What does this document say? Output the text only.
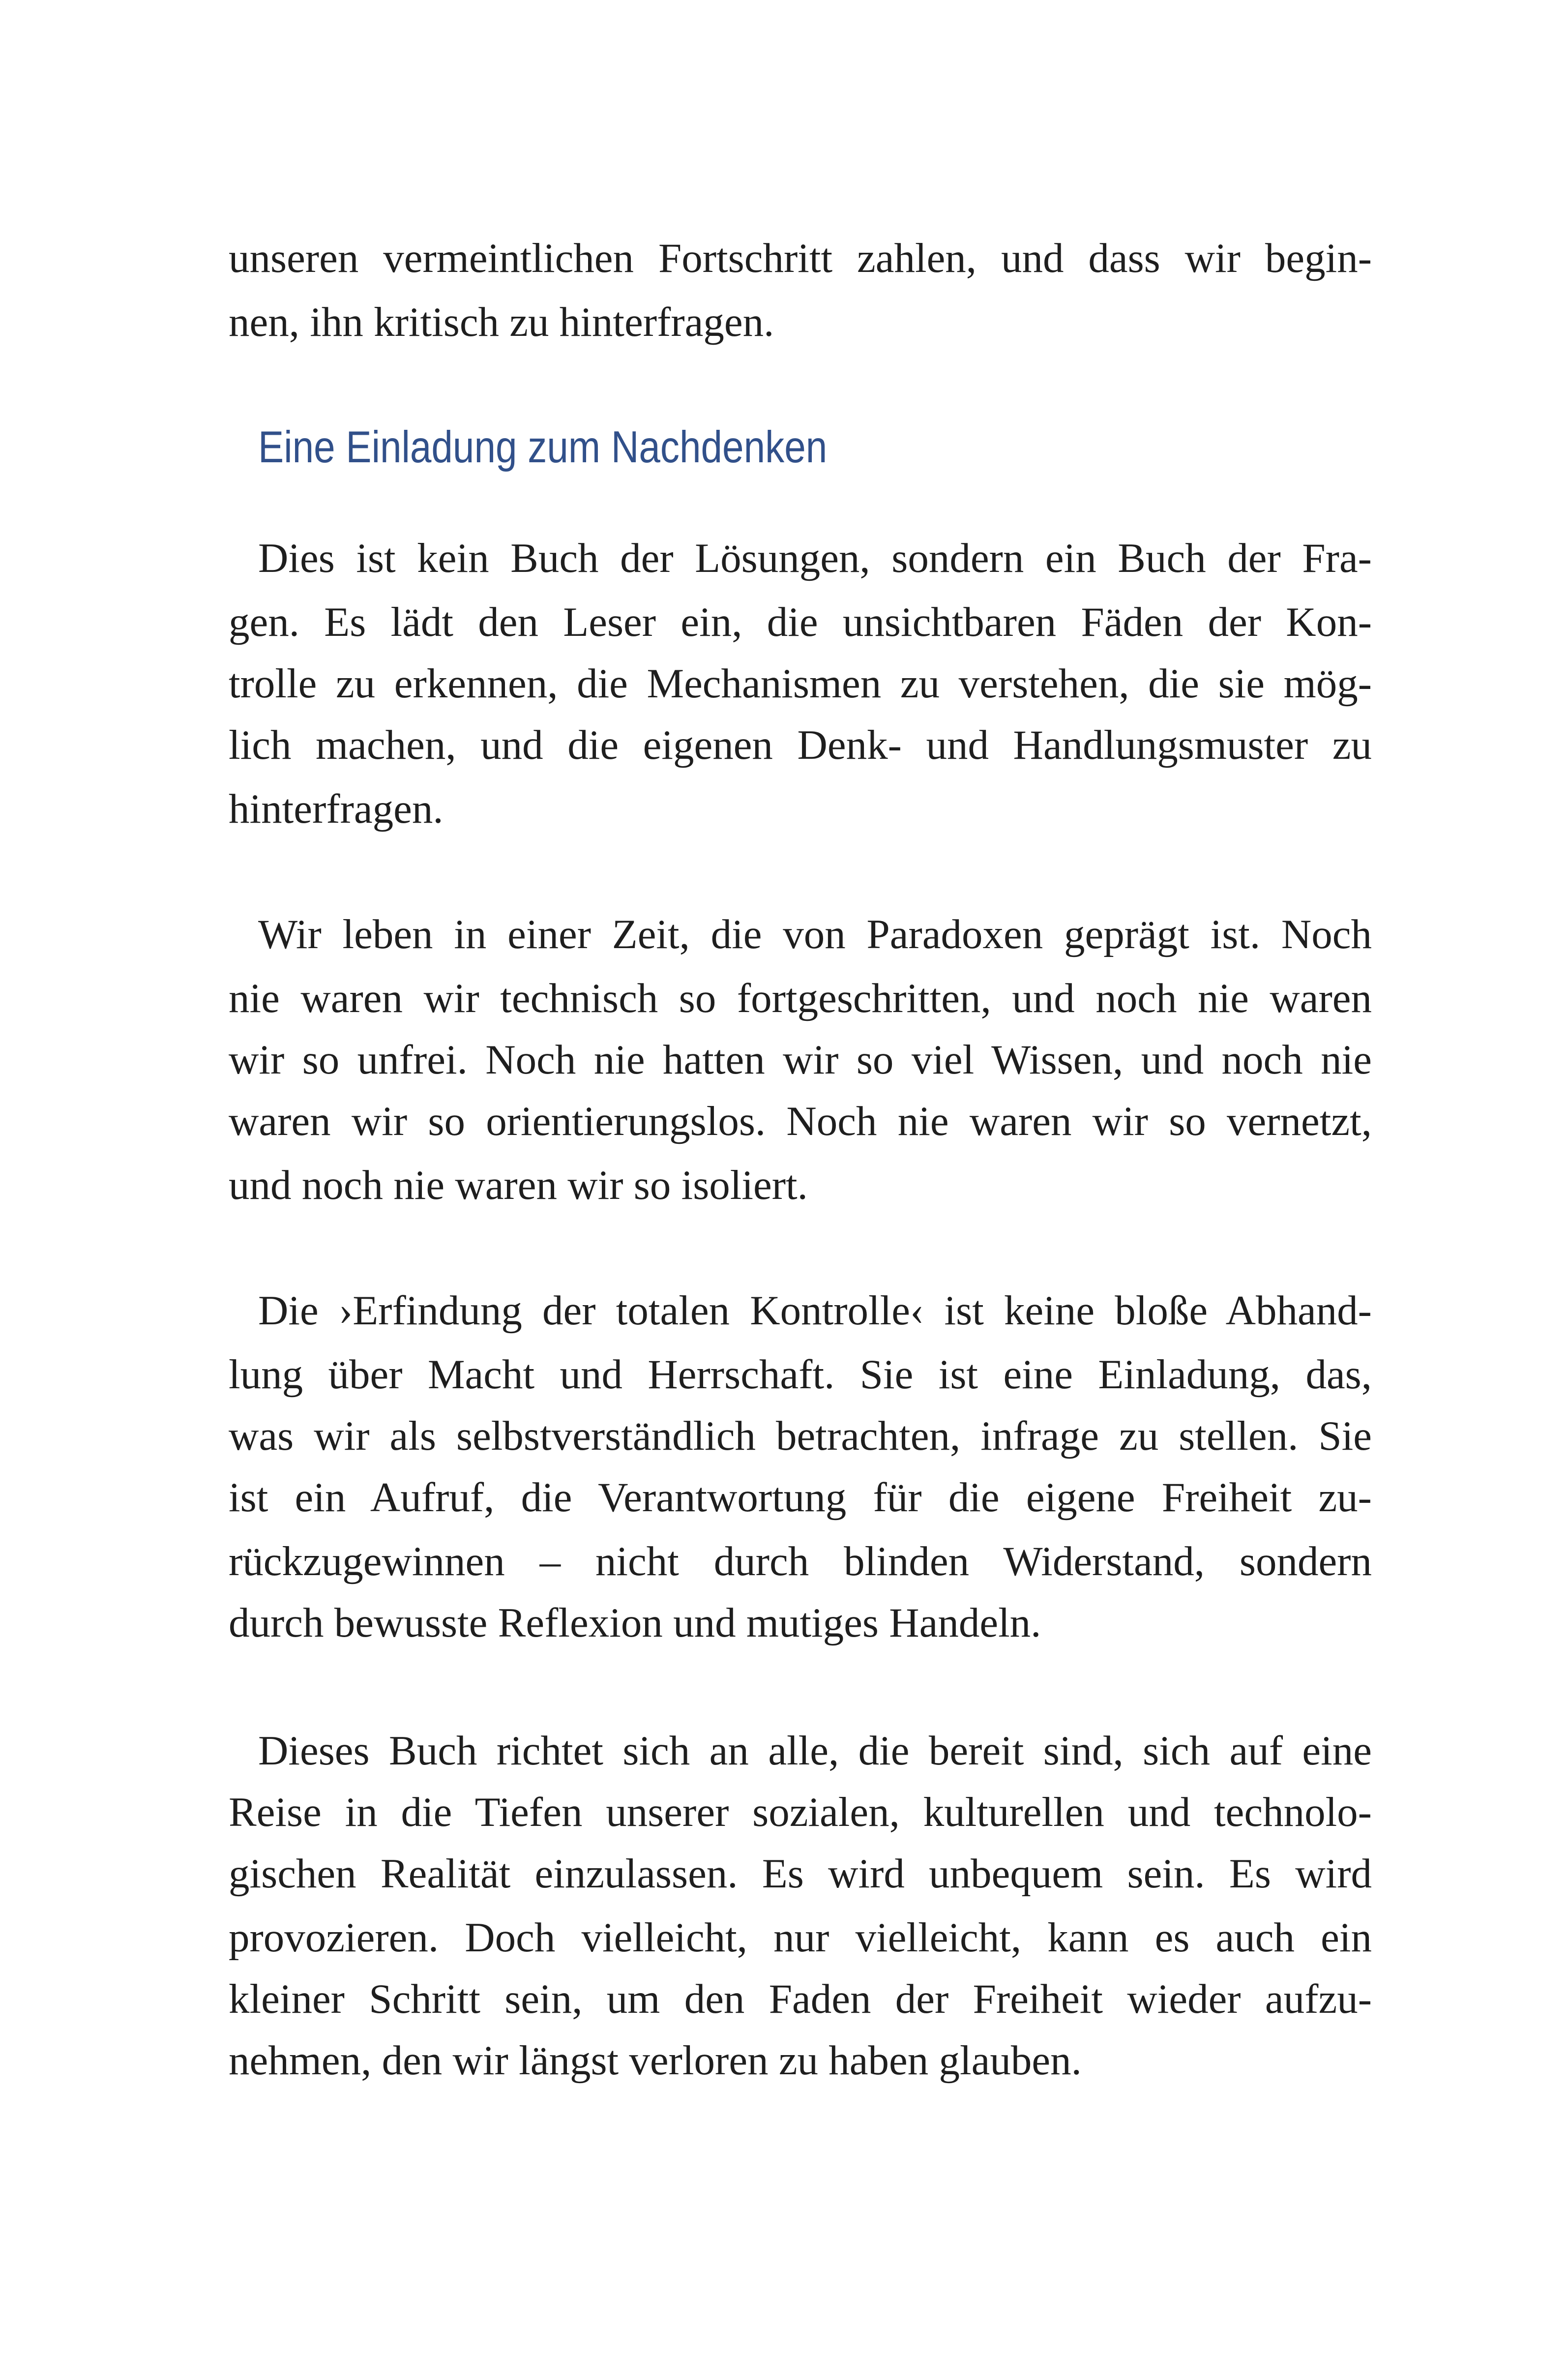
unseren vermeintlichen Fortschritt zahlen, und dass wir begin-
nen, ihn kritisch zu hinterfragen.
Eine Einladung zum Nachdenken
Dies ist kein Buch der Lösungen, sondern ein Buch der Fra-
gen. Es lädt den Leser ein, die unsichtbaren Fäden der Kon-
trolle zu erkennen, die Mechanismen zu verstehen, die sie mög-
lich machen, und die eigenen Denk- und Handlungsmuster zu
hinterfragen.
Wir leben in einer Zeit, die von Paradoxen geprägt ist. Noch
nie waren wir technisch so fortgeschritten, und noch nie waren
wir so unfrei. Noch nie hatten wir so viel Wissen, und noch nie
waren wir so orientierungslos. Noch nie waren wir so vernetzt,
und noch nie waren wir so isoliert.
Die ›Erfindung der totalen Kontrolle‹ ist keine bloße Abhand-
lung über Macht und Herrschaft. Sie ist eine Einladung, das,
was wir als selbstverständlich betrachten, infrage zu stellen. Sie
ist ein Aufruf, die Verantwortung für die eigene Freiheit zu-
rückzugewinnen – nicht durch blinden Widerstand, sondern
durch bewusste Reflexion und mutiges Handeln.
Dieses Buch richtet sich an alle, die bereit sind, sich auf eine
Reise in die Tiefen unserer sozialen, kulturellen und technolo-
gischen Realität einzulassen. Es wird unbequem sein. Es wird
provozieren. Doch vielleicht, nur vielleicht, kann es auch ein
kleiner Schritt sein, um den Faden der Freiheit wieder aufzu-
nehmen, den wir längst verloren zu haben glauben.
